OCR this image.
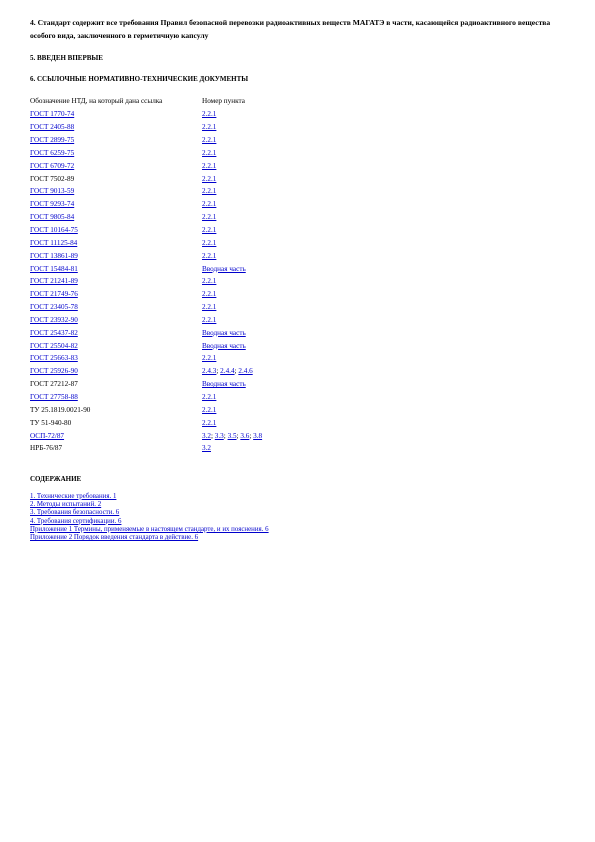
4. Стандарт содержит все требования Правил безопасной перевозки радиоактивных веществ МАГАТЭ в части, касающейся радиоактивного вещества особого вида, заключенного в герметичную капсулу

5. ВВЕДЕН ВПЕРВЫЕ

6. ССЫЛОЧНЫЕ НОРМАТИВНО-ТЕХНИЧЕСКИЕ ДОКУМЕНТЫ

Обозначение НТД, на который дана ссылка	Номер пункта
ГОСТ 1770-74	2.2.1
ГОСТ 2405-88	2.2.1
ГОСТ 2899-75	2.2.1
ГОСТ 6259-75	2.2.1
ГОСТ 6709-72	2.2.1
ГОСТ 7502-89	2.2.1
ГОСТ 9013-59	2.2.1
ГОСТ 9293-74	2.2.1
ГОСТ 9805-84	2.2.1
ГОСТ 10164-75	2.2.1
ГОСТ 11125-84	2.2.1
ГОСТ 13861-89	2.2.1
ГОСТ 15484-81	Вводная часть
ГОСТ 21241-89	2.2.1
ГОСТ 21749-76	2.2.1
ГОСТ 23405-78	2.2.1
ГОСТ 23932-90	2.2.1
ГОСТ 25437-82	Вводная часть
ГОСТ 25504-82	Вводная часть
ГОСТ 25663-83	2.2.1
ГОСТ 25926-90	2.4.3; 2.4.4; 2.4.6
ГОСТ 27212-87	Вводная часть
ГОСТ 27758-88	2.2.1
ТУ 25.1819.0021-90	2.2.1
ТУ 51-940-80	2.2.1
ОСП-72/87	3.2; 3.3; 3.5; 3.6; 3.8
НРБ-76/87	3.2

СОДЕРЖАНИЕ

1. Технические требования. 1
2. Методы испытаний. 2
3. Требования безопасности. 6
4. Требования сертификации. 6
Приложение 1 Термины, применяемые в настоящем стандарте, и их пояснения. 6
Приложение 2 Порядок введения стандарта в действие. 6
